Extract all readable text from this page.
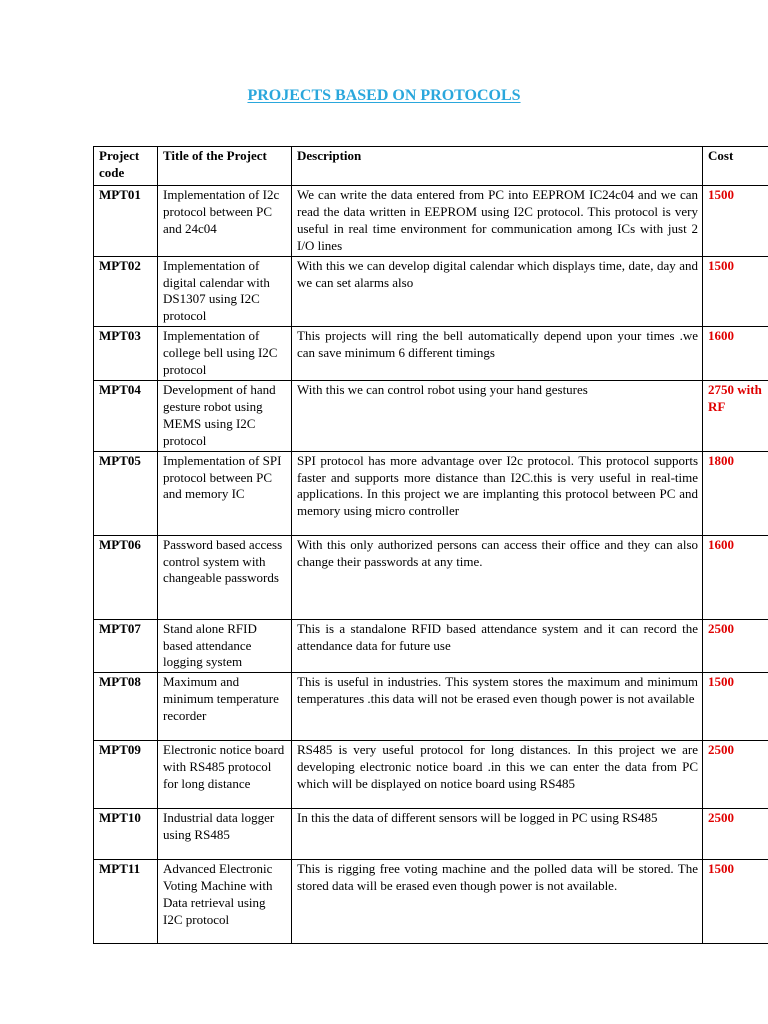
PROJECTS BASED ON PROTOCOLS
Project code	Title of the Project	Description	Cost
MPT01	Implementation of I2c protocol between PC and 24c04	We can write the data entered from PC into EEPROM IC24c04 and we can read the data written in EEPROM using I2C protocol. This protocol is very useful in real time environment for communication among ICs with just 2 I/O lines	1500
MPT02	Implementation of digital calendar with DS1307 using I2C protocol	With this we can develop digital calendar which displays time, date, day and we can set alarms also	1500
MPT03	Implementation of college bell using I2C protocol	This projects will ring the bell automatically depend upon your times .we can save minimum 6 different timings	1600
MPT04	Development of hand gesture robot using MEMS using I2C protocol	With this we can control robot using your hand gestures	2750 with RF
MPT05	Implementation of SPI protocol between PC and memory IC	SPI protocol has more advantage over I2c protocol. This protocol supports faster and supports more distance than I2C.this is very useful in real-time applications. In this project we are implanting this protocol between PC and memory using micro controller	1800
MPT06	Password based access control system with changeable passwords	With this only authorized persons can access their office and they can also change their passwords at any time.	1600
MPT07	Stand alone RFID based attendance logging system	This is a standalone RFID based attendance system and it can record the attendance data for future use	2500
MPT08	Maximum and minimum temperature recorder	This is useful in industries. This system stores the maximum and minimum temperatures .this data will not be erased even though power is not available	1500
MPT09	Electronic notice board with RS485 protocol for long distance	RS485 is very useful protocol for long distances. In this project we are developing electronic notice board .in this we can enter the data from PC which will be displayed on notice board using RS485	2500
MPT10	Industrial data logger using RS485	In this the data of different sensors will be logged in PC using RS485	2500
MPT11	Advanced Electronic Voting Machine with Data retrieval using I2C protocol	This is rigging free voting machine and the polled data will be stored. The stored data will be erased even though power is not available.	1500
